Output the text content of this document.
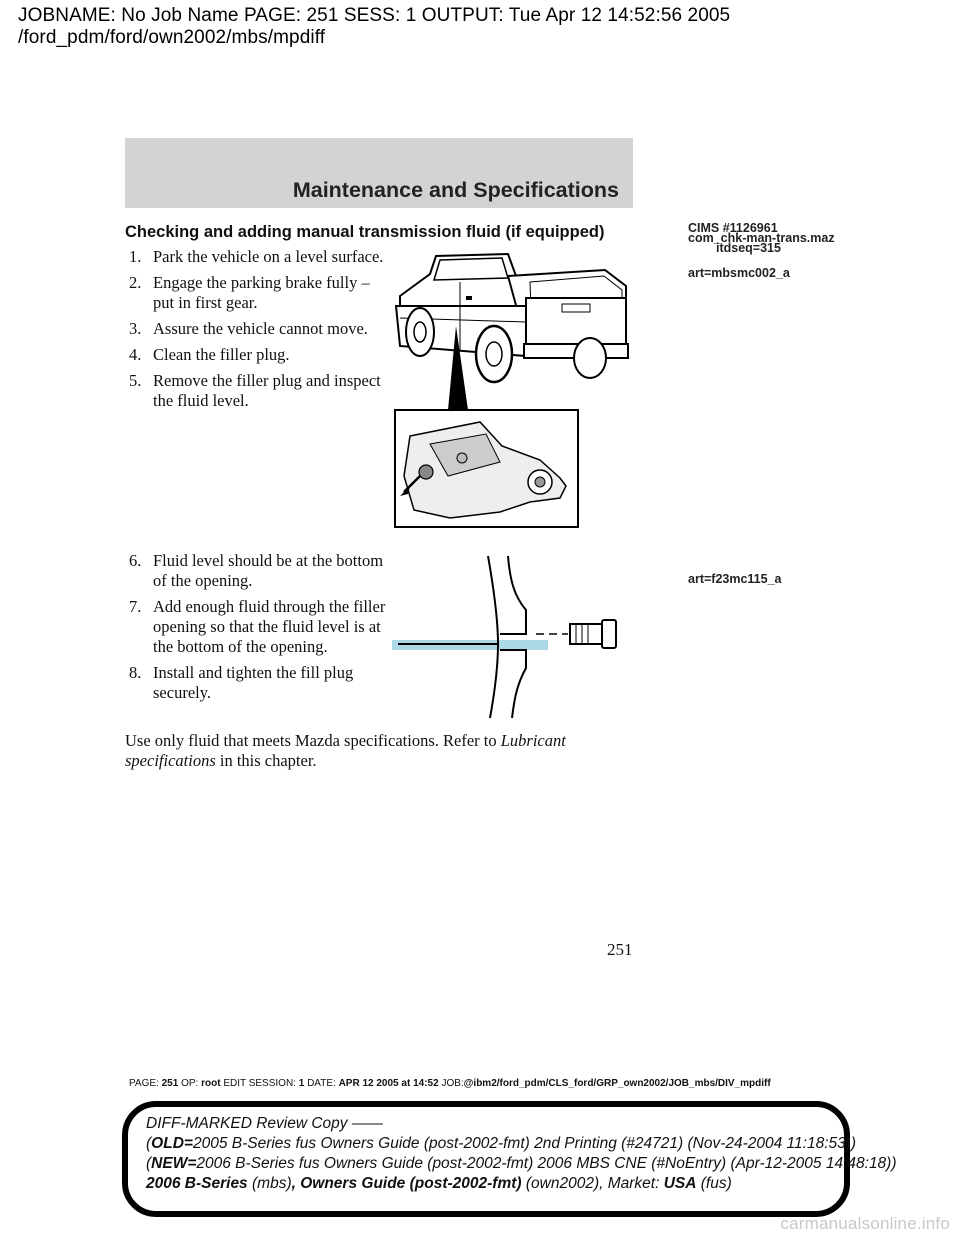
JOBNAME: No Job Name PAGE: 251 SESS: 1 OUTPUT: Tue Apr 12 14:52:56 2005
/ford_pdm/ford/own2002/mbs/mpdiff
Maintenance and Specifications
Checking and adding manual transmission fluid (if equipped)
1. Park the vehicle on a level surface.
2. Engage the parking brake fully – put in first gear.
3. Assure the vehicle cannot move.
4. Clean the filler plug.
5. Remove the filler plug and inspect the fluid level.
6. Fluid level should be at the bottom of the opening.
7. Add enough fluid through the filler opening so that the fluid level is at the bottom of the opening.
8. Install and tighten the fill plug securely.
Use only fluid that meets Mazda specifications. Refer to Lubricant specifications in this chapter.
CIMS #1126961
com_chk-man-trans.maz
itdseq=315
art=mbsmc002_a
art=f23mc115_a
251
PAGE: 251 OP: root EDIT SESSION: 1 DATE: APR 12 2005 at 14:52 JOB:@ibm2/ford_pdm/CLS_ford/GRP_own2002/JOB_mbs/DIV_mpdiff
DIFF-MARKED Review Copy ——
(OLD=2005 B-Series fus Owners Guide (post-2002-fmt) 2nd Printing (#24721) (Nov-24-2004 11:18:53))
(NEW=2006 B-Series fus Owners Guide (post-2002-fmt) 2006 MBS CNE (#NoEntry) (Apr-12-2005 14:48:18))
2006 B-Series (mbs), Owners Guide (post-2002-fmt) (own2002), Market: USA (fus)
carmanualsonline.info
